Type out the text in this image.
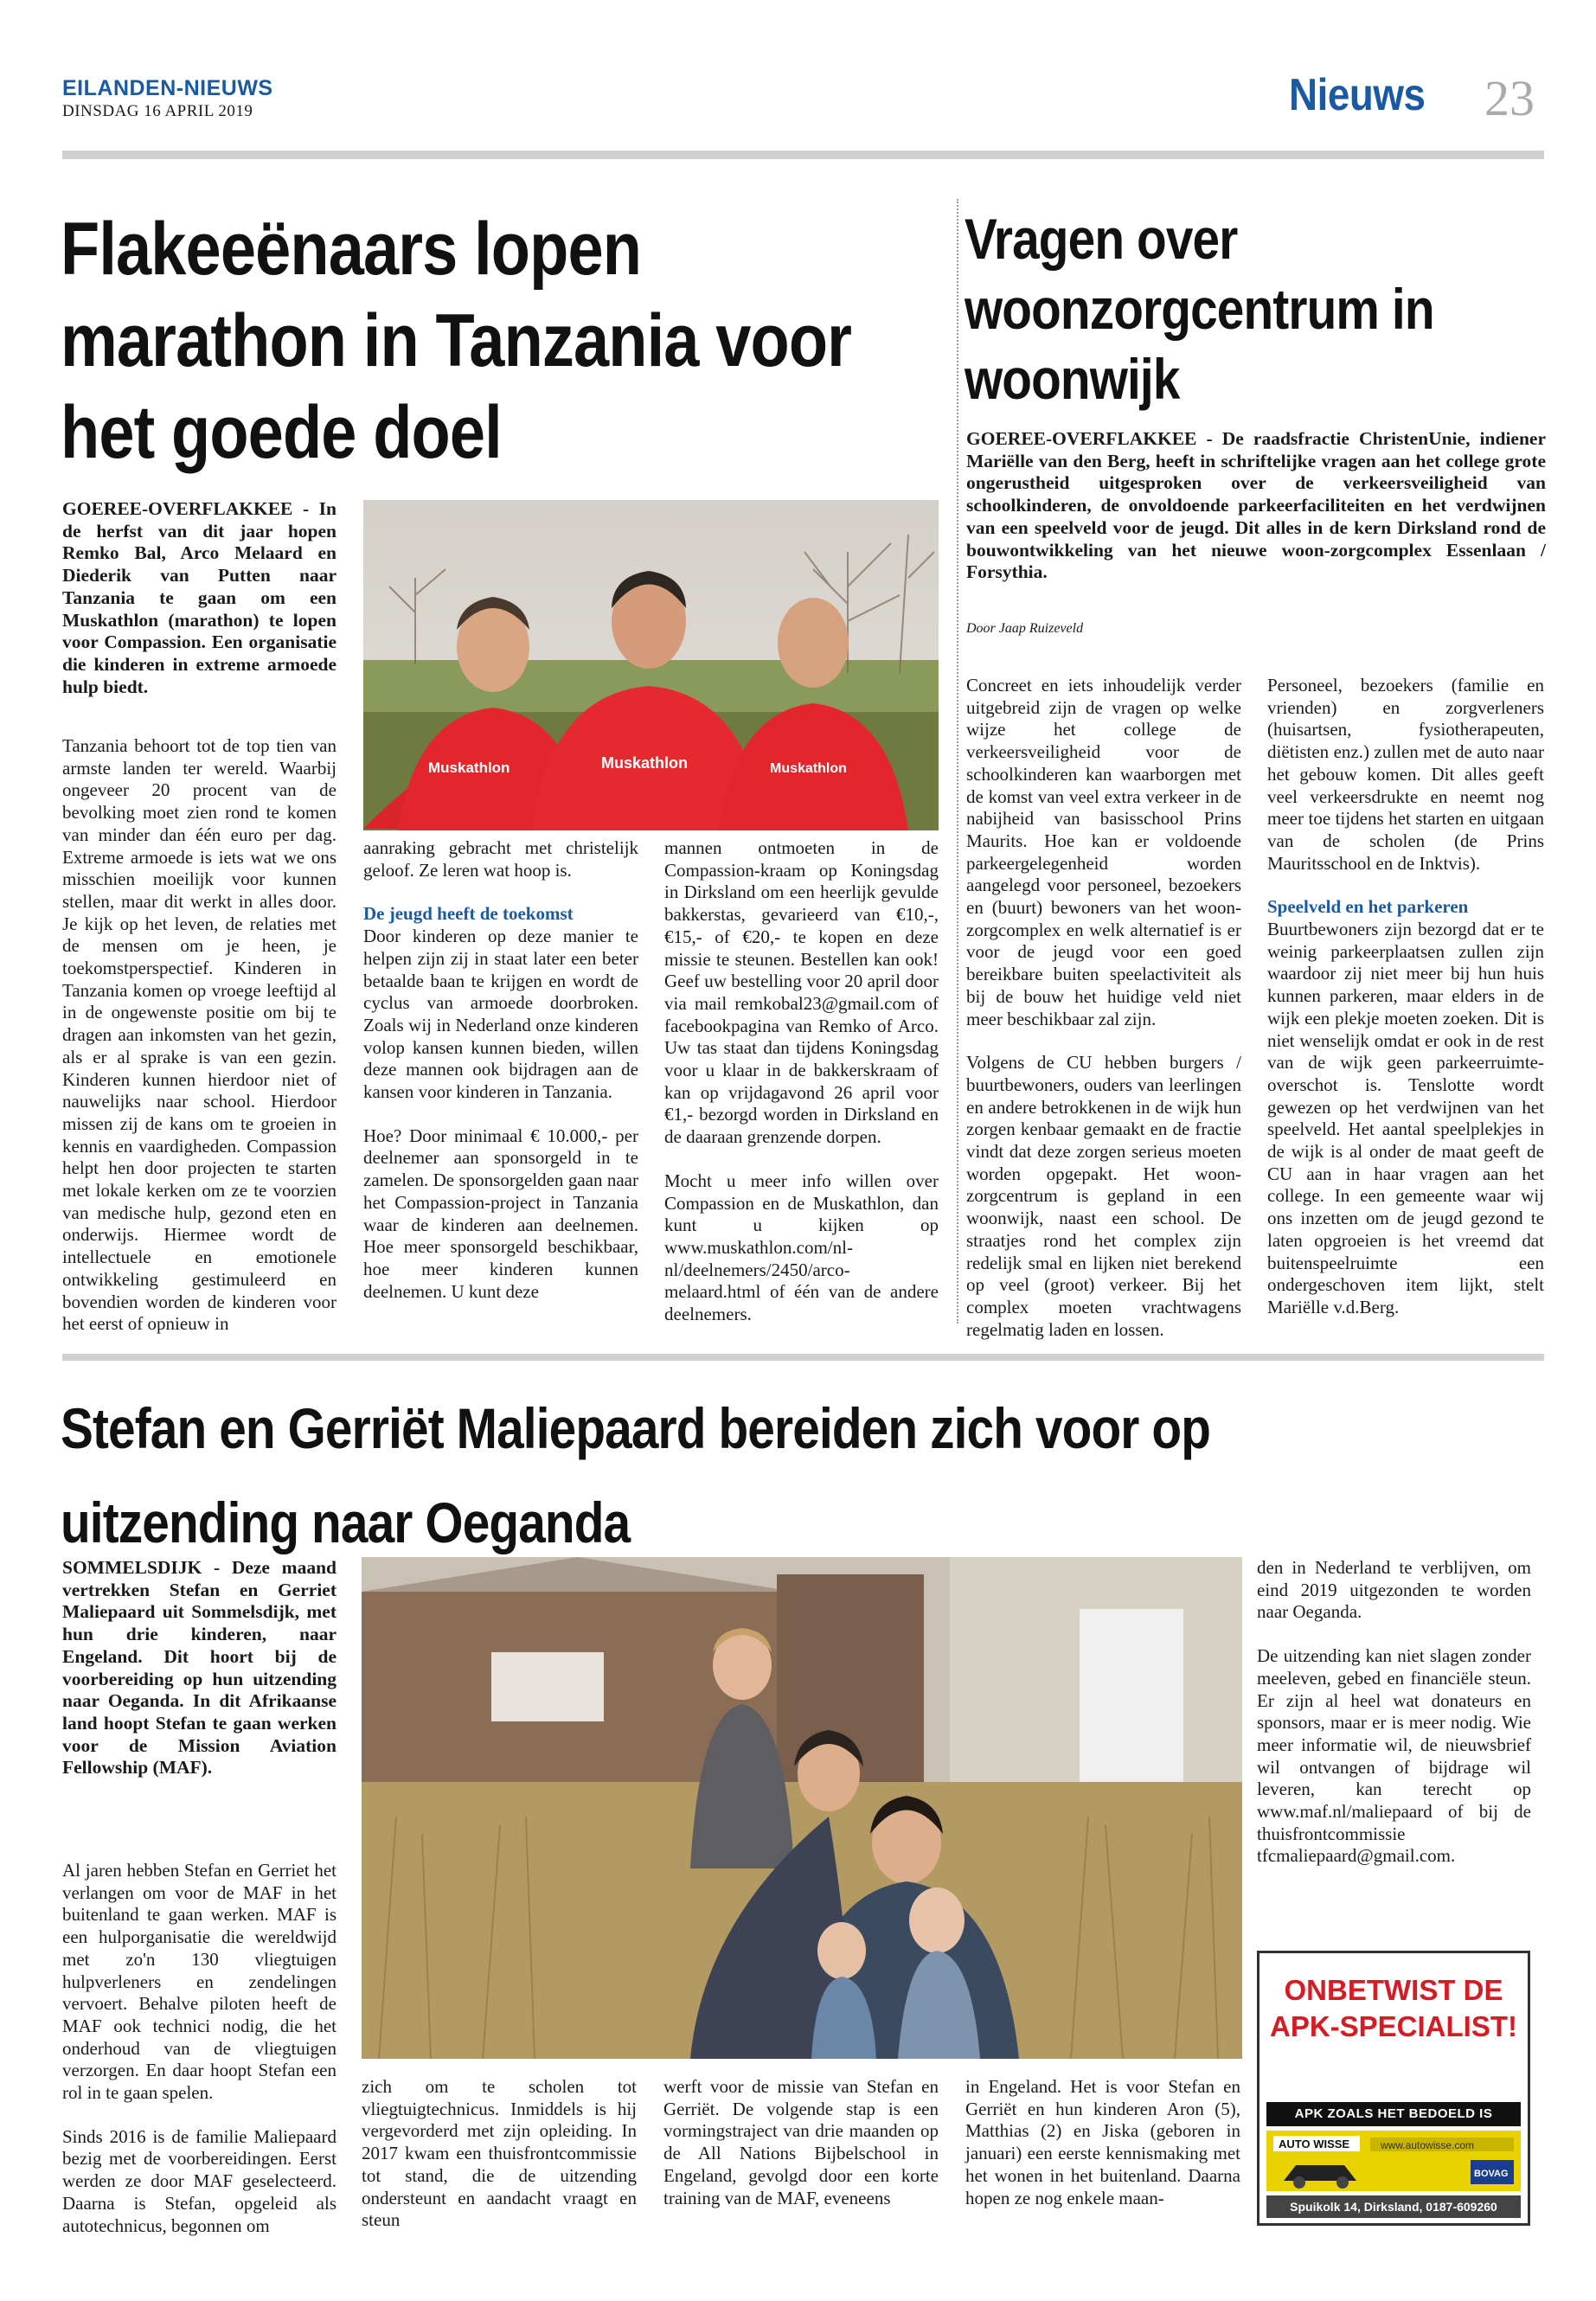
EILANDEN-NIEUWS
DINSDAG 16 APRIL 2019	Nieuws 23
Flakeeënaars lopen marathon in Tanzania voor het goede doel
GOEREE-OVERFLAKKEE - In de herfst van dit jaar hopen Remko Bal, Arco Melaard en Diederik van Putten naar Tanzania te gaan om een Muskathlon (marathon) te lopen voor Compassion. Een organisatie die kinderen in extreme armoede hulp biedt.
Tanzania behoort tot de top tien van armste landen ter wereld. Waarbij ongeveer 20 procent van de bevolking moet zien rond te komen van minder dan één euro per dag. Extreme armoede is iets wat we ons misschien moeilijk voor kunnen stellen, maar dit werkt in alles door. Je kijk op het leven, de relaties met de mensen om je heen, je toekomstperspectief. Kinderen in Tanzania komen op vroege leeftijd al in de ongewenste positie om bij te dragen aan inkomsten van het gezin, als er al sprake is van een gezin. Kinderen kunnen hierdoor niet of nauwelijks naar school. Hierdoor missen zij de kans om te groeien in kennis en vaardigheden. Compassion helpt hen door projecten te starten met lokale kerken om ze te voorzien van medische hulp, gezond eten en onderwijs. Hiermee wordt de intellectuele en emotionele ontwikkeling gestimuleerd en bovendien worden de kinderen voor het eerst of opnieuw in
Muskathlon	Muskathlon	Muskathlon

aanraking gebracht met christelijk geloof. Ze leren wat hoop is.

De jeugd heeft de toekomst

Door kinderen op deze manier te helpen zijn zij in staat later een beter betaalde baan te krijgen en wordt de cyclus van armoede doorbroken. Zoals wij in Nederland onze kinderen volop kansen kunnen bieden, willen deze mannen ook bijdragen aan de kansen voor kinderen in Tanzania.

Hoe? Door minimaal € 10.000,- per deelnemer aan sponsorgeld in te zamelen. De sponsorgelden gaan naar het Compassion-project in Tanzania waar de kinderen aan deelnemen. Hoe meer sponsorgeld beschikbaar, hoe meer kinderen kunnen deelnemen. U kunt deze

mannen ontmoeten in de Compassion-kraam op Koningsdag in Dirksland om een heerlijk gevulde bakkerstas, gevarieerd van €10,-, €15,- of €20,- te kopen en deze missie te steunen. Bestellen kan ook! Geef uw bestelling voor 20 april door via mail remkobal23@gmail.com of facebookpagina van Remko of Arco. Uw tas staat dan tijdens Koningsdag voor u klaar in de bakkerskraam of kan op vrijdagavond 26 april voor €1,- bezorgd worden in Dirksland en de daaraan grenzende dorpen.

Mocht u meer info willen over Compassion en de Muskathlon, dan kunt u kijken op www.muskathlon.com/nl-nl/deelnemers/2450/arco-melaard.html of één van de andere deelnemers.

Vragen over woonzorgcentrum in woonwijk
GOEREE-OVERFLAKKEE - De raadsfractie ChristenUnie, indiener Mariëlle van den Berg, heeft in schriftelijke vragen aan het college grote ongerustheid uitgesproken over de verkeersveiligheid van schoolkinderen, de onvoldoende parkeerfaciliteiten en het verdwijnen van een speelveld voor de jeugd. Dit alles in de kern Dirksland rond de bouwontwikkeling van het nieuwe woon-zorgcomplex Essenlaan / Forsythia.
Door Jaap Ruizeveld

Concreet en iets inhoudelijk verder uitgebreid zijn de vragen op welke wijze het college de verkeersveiligheid voor de schoolkinderen kan waarborgen met de komst van veel extra verkeer in de nabijheid van basisschool Prins Maurits. Hoe kan er voldoende parkeergelegenheid worden aangelegd voor personeel, bezoekers en (buurt) bewoners van het woon-zorgcomplex en welk alternatief is er voor de jeugd voor een goed bereikbare buiten speelactiviteit als bij de bouw het huidige veld niet meer beschikbaar zal zijn.

Volgens de CU hebben burgers / buurtbewoners, ouders van leerlingen en andere betrokkenen in de wijk hun zorgen kenbaar gemaakt en de fractie vindt dat deze zorgen serieus moeten worden opgepakt. Het woon-zorgcentrum is gepland in een woonwijk, naast een school. De straatjes rond het complex zijn redelijk smal en lijken niet berekend op veel (groot) verkeer. Bij het complex moeten vrachtwagens regelmatig laden en lossen.

Personeel, bezoekers (familie en vrienden) en zorgverleners (huisartsen, fysiotherapeuten, diëtisten enz.) zullen met de auto naar het gebouw komen. Dit alles geeft veel verkeersdrukte en neemt nog meer toe tijdens het starten en uitgaan van de scholen (de Prins Mauritsschool en de Inktvis).

Speelveld en het parkeren

Buurtbewoners zijn bezorgd dat er te weinig parkeerplaatsen zullen zijn waardoor zij niet meer bij hun huis kunnen parkeren, maar elders in de wijk een plekje moeten zoeken. Dit is niet wenselijk omdat er ook in de rest van de wijk geen parkeerruimte-overschot is. Tenslotte wordt gewezen op het verdwijnen van het speelveld. Het aantal speelplekjes in de wijk is al onder de maat geeft de CU aan in haar vragen aan het college. In een gemeente waar wij ons inzetten om de jeugd gezond te laten opgroeien is het vreemd dat buitenspeelruimte een ondergeschoven item lijkt, stelt Mariëlle v.d.Berg.

Stefan en Gerriët Maliepaard bereiden zich voor op uitzending naar Oeganda
SOMMELSDIJK - Deze maand vertrekken Stefan en Gerriet Maliepaard uit Sommelsdijk, met hun drie kinderen, naar Engeland. Dit hoort bij de voorbereiding op hun uitzending naar Oeganda. In dit Afrikaanse land hoopt Stefan te gaan werken voor de Mission Aviation Fellowship (MAF).

Al jaren hebben Stefan en Gerriet het verlangen om voor de MAF in het buitenland te gaan werken. MAF is een hulporganisatie die wereldwijd met zo'n 130 vliegtuigen hulpverleners en zendelingen vervoert. Behalve piloten heeft de MAF ook technici nodig, die het onderhoud van de vliegtuigen verzorgen. En daar hoopt Stefan een rol in te gaan spelen.

Sinds 2016 is de familie Maliepaard bezig met de voorbereidingen. Eerst werden ze door MAF geselecteerd. Daarna is Stefan, opgeleid als autotechnicus, begonnen om

zich om te scholen tot vliegtuigtechnicus. Inmiddels is hij vergevorderd met zijn opleiding. In 2017 kwam een thuisfrontcommissie tot stand, die de uitzending ondersteunt en aandacht vraagt en steun

werft voor de missie van Stefan en Gerriët. De volgende stap is een vormingstraject van drie maanden op de All Nations Bijbelschool in Engeland, gevolgd door een korte training van de MAF, eveneens

in Engeland. Het is voor Stefan en Gerriët en hun kinderen Aron (5), Matthias (2) en Jiska (geboren in januari) een eerste kennismaking met het wonen in het buitenland. Daarna hopen ze nog enkele maan-

den in Nederland te verblijven, om eind 2019 uitgezonden te worden naar Oeganda.

De uitzending kan niet slagen zonder meeleven, gebed en financiële steun. Er zijn al heel wat donateurs en sponsors, maar er is meer nodig. Wie meer informatie wil, de nieuwsbrief wil ontvangen of bijdrage wil leveren, kan terecht op www.maf.nl/maliepaard of bij de thuisfrontcommissie tfcmaliepaard@gmail.com.

ONBETWIST DE APK-SPECIALIST!
APK ZOALS HET BEDOELD IS
AUTO WISSE	www.autowisse.com
BOVAG
Spuikolk 14, Dirksland, 0187-609260
